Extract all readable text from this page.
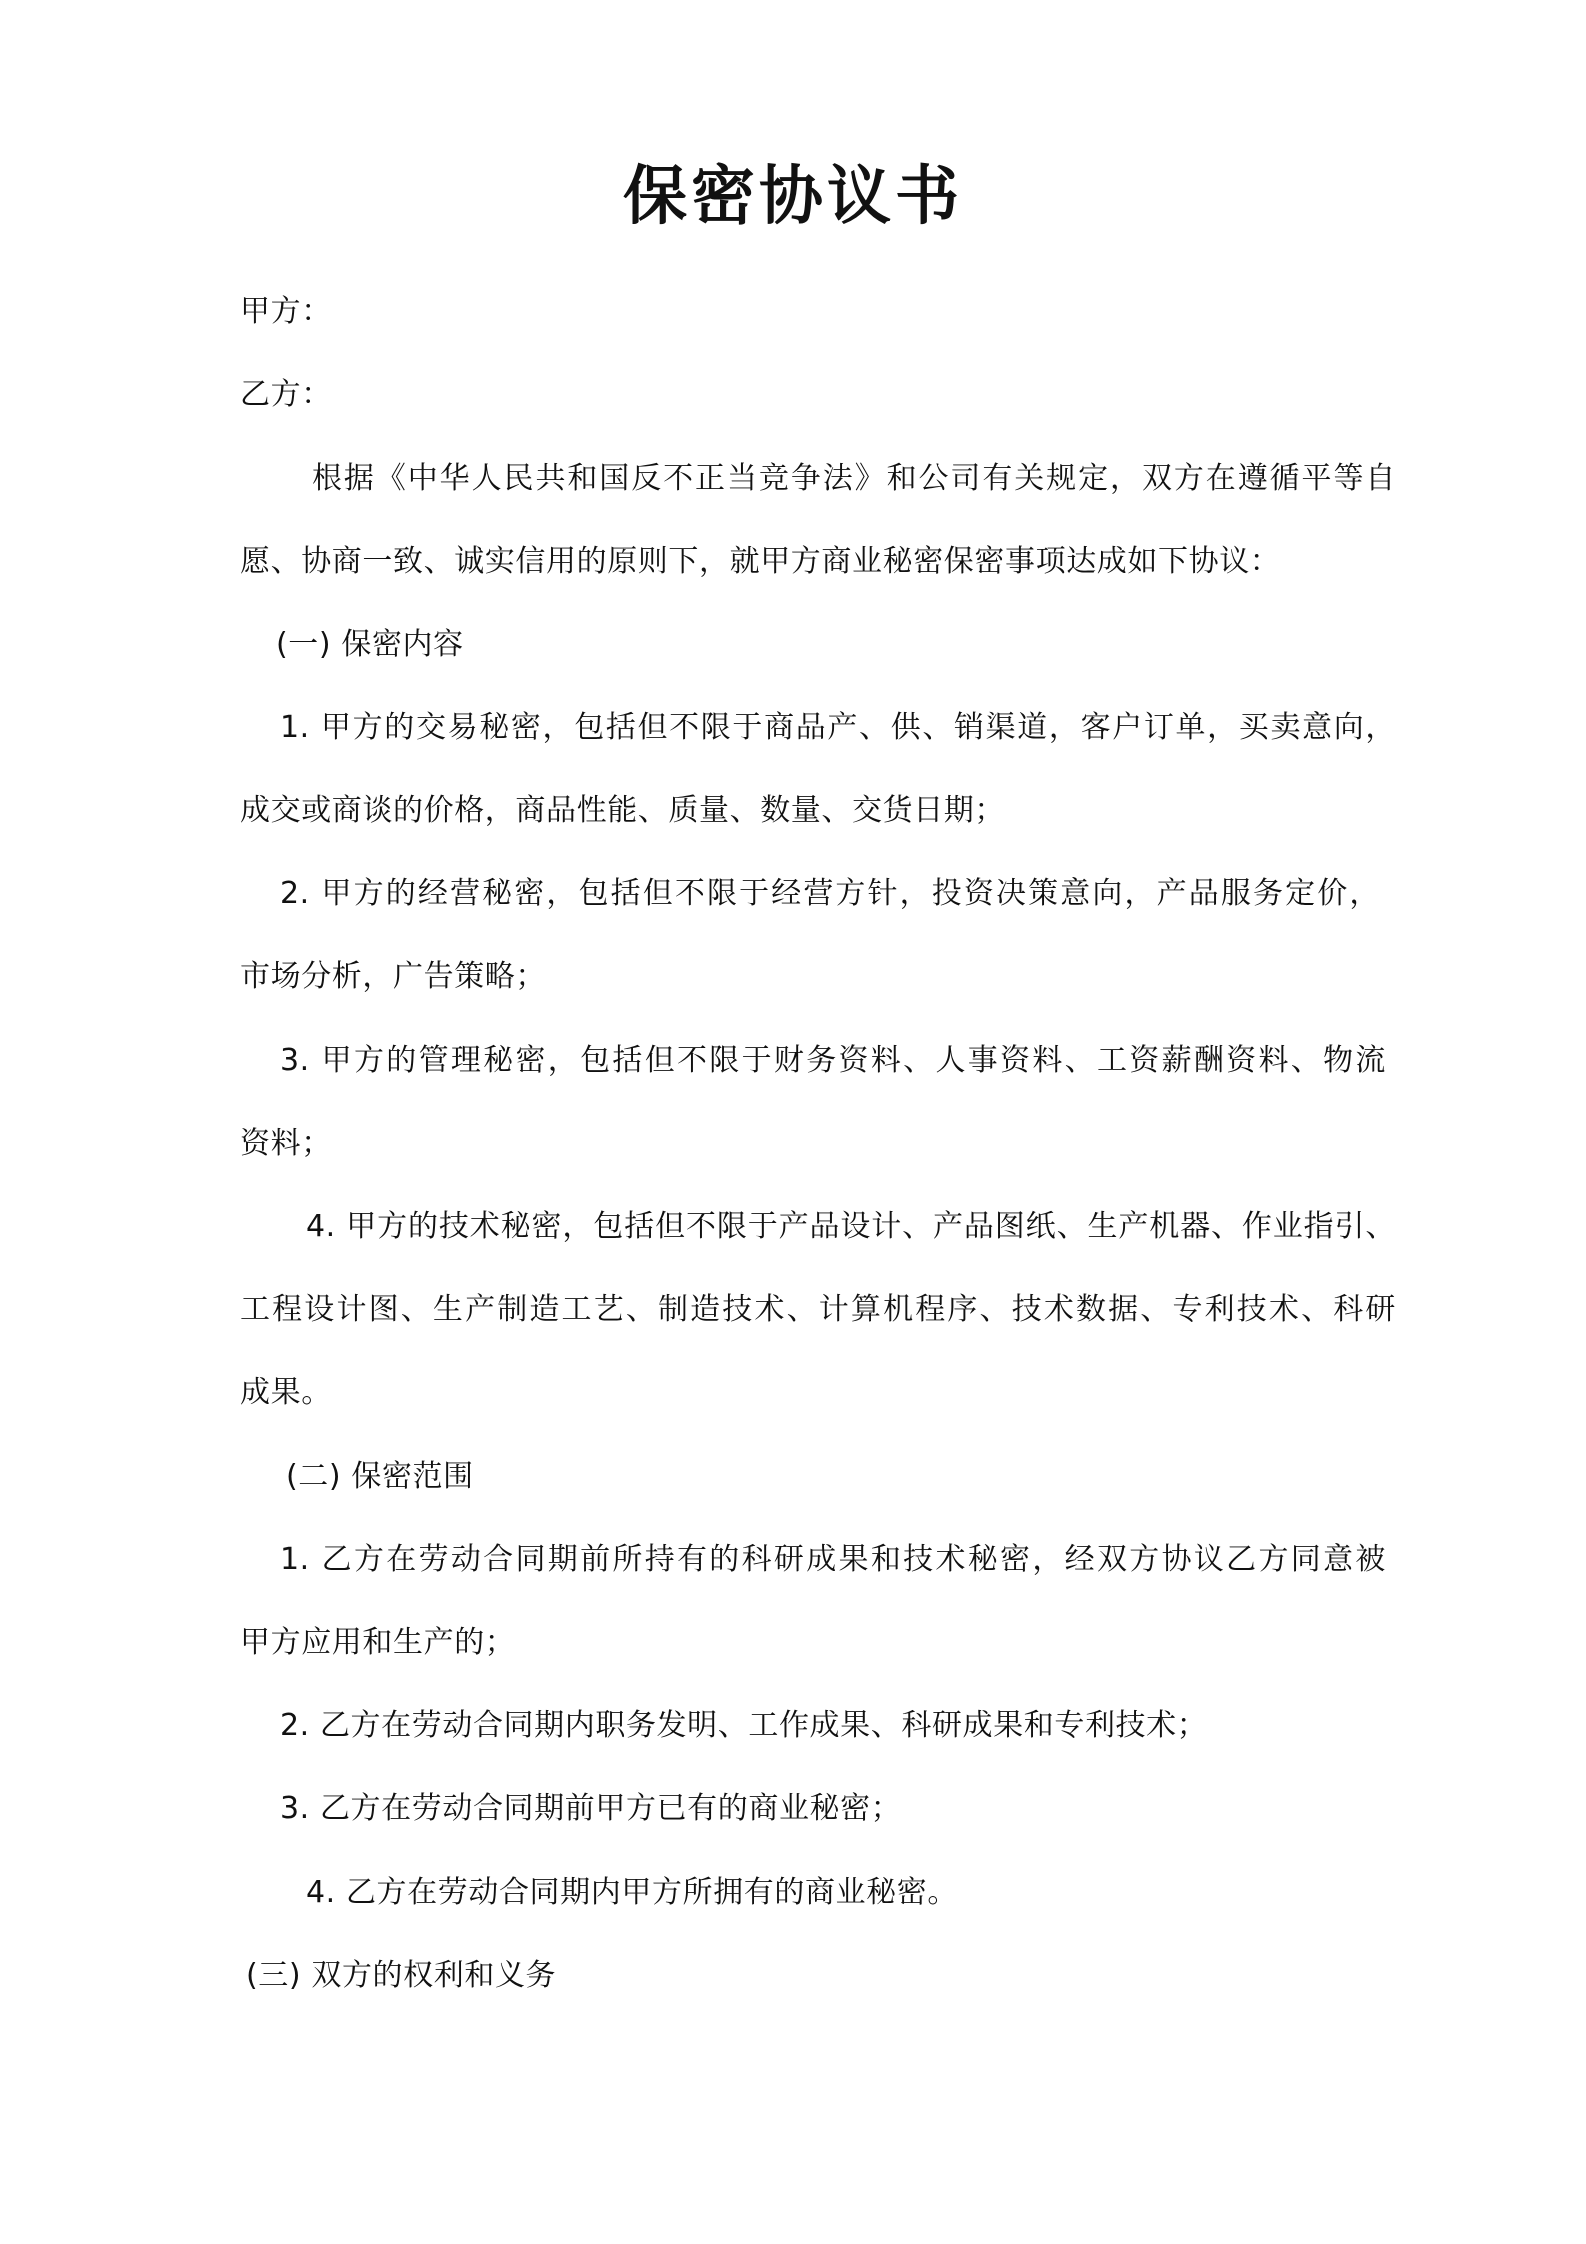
保密协议书
甲方：
乙方：
根据《中华人民共和国反不正当竞争法》和公司有关规定，双方在遵循平等自
愿、协商一致、诚实信用的原则下，就甲方商业秘密保密事项达成如下协议：
(一) 保密内容
1. 甲方的交易秘密，包括但不限于商品产、供、销渠道，客户订单，买卖意向，
成交或商谈的价格，商品性能、质量、数量、交货日期；
2. 甲方的经营秘密，包括但不限于经营方针，投资决策意向，产品服务定价，
市场分析，广告策略；
3. 甲方的管理秘密，包括但不限于财务资料、人事资料、工资薪酬资料、物流
资料；
4. 甲方的技术秘密，包括但不限于产品设计、产品图纸、生产机器、作业指引、
工程设计图、生产制造工艺、制造技术、计算机程序、技术数据、专利技术、科研
成果。
(二) 保密范围
1. 乙方在劳动合同期前所持有的科研成果和技术秘密，经双方协议乙方同意被
甲方应用和生产的；
2. 乙方在劳动合同期内职务发明、工作成果、科研成果和专利技术；
3. 乙方在劳动合同期前甲方已有的商业秘密；
4. 乙方在劳动合同期内甲方所拥有的商业秘密。
(三) 双方的权利和义务
